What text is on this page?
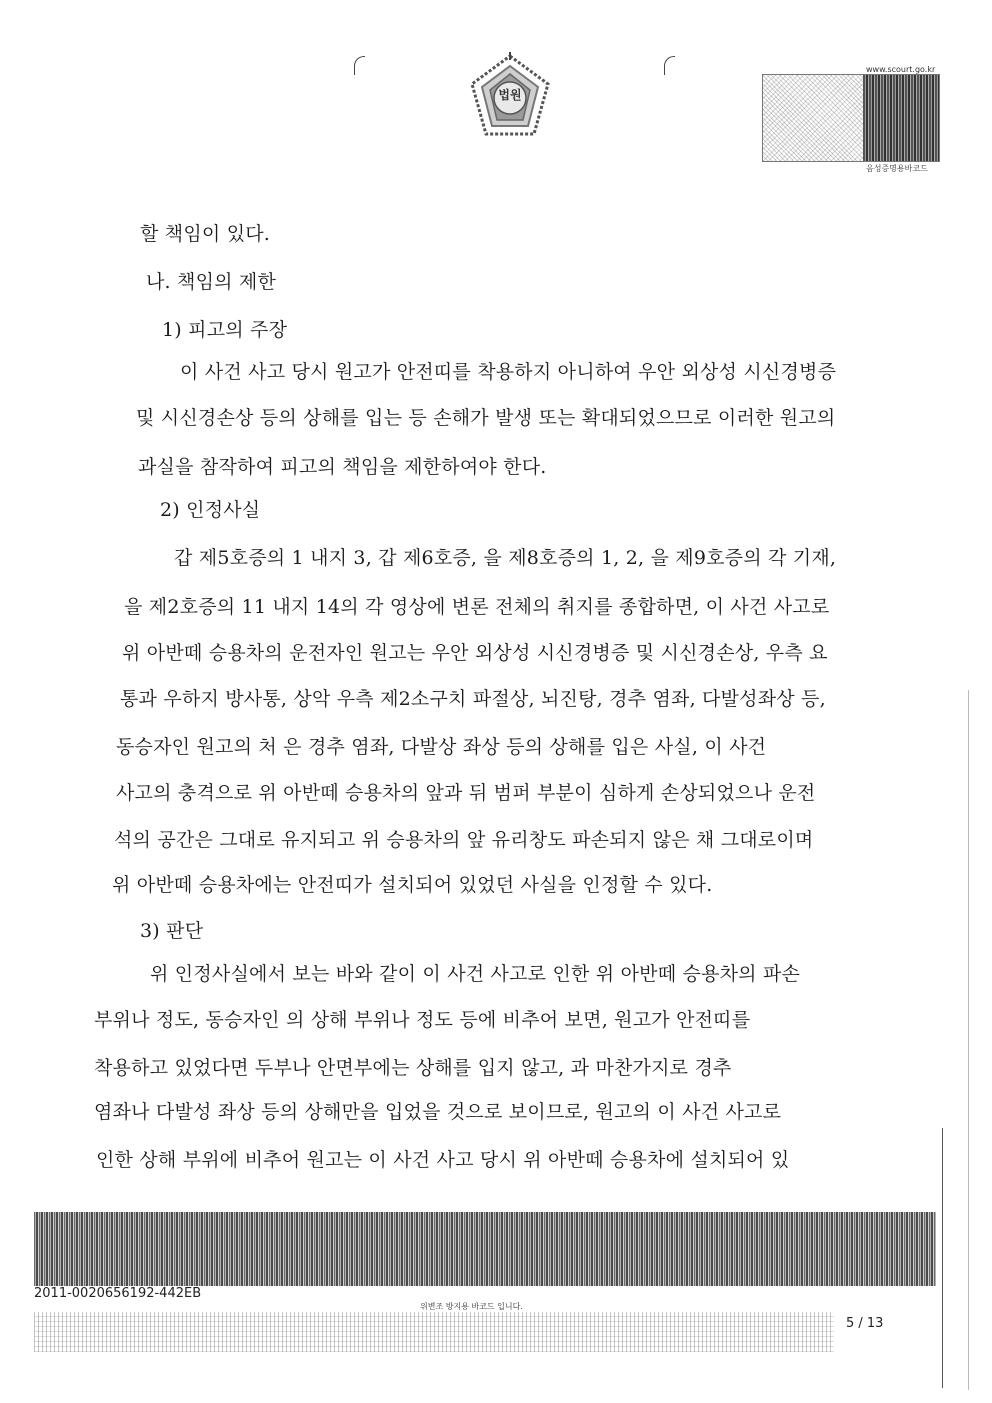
법원
www.scourt.go.kr
음성증명용바코드
할 책임이 있다.
나. 책임의 제한
1) 피고의 주장
이 사건 사고 당시 원고가 안전띠를 착용하지 아니하여 우안 외상성 시신경병증
및 시신경손상 등의 상해를 입는 등 손해가 발생 또는 확대되었으므로 이러한 원고의
과실을 참작하여 피고의 책임을 제한하여야 한다.
2) 인정사실
갑 제5호증의 1 내지 3, 갑 제6호증, 을 제8호증의 1, 2, 을 제9호증의 각 기재,
을 제2호증의 11 내지 14의 각 영상에 변론 전체의 취지를 종합하면, 이 사건 사고로
위 아반떼 승용차의 운전자인 원고는 우안 외상성 시신경병증 및 시신경손상, 우측 요
통과 우하지 방사통, 상악 우측 제2소구치 파절상, 뇌진탕, 경추 염좌, 다발성좌상 등,
동승자인 원고의 처 은 경추 염좌, 다발상 좌상 등의 상해를 입은 사실, 이 사건
사고의 충격으로 위 아반떼 승용차의 앞과 뒤 범퍼 부분이 심하게 손상되었으나 운전
석의 공간은 그대로 유지되고 위 승용차의 앞 유리창도 파손되지 않은 채 그대로이며
위 아반떼 승용차에는 안전띠가 설치되어 있었던 사실을 인정할 수 있다.
3) 판단
위 인정사실에서 보는 바와 같이 이 사건 사고로 인한 위 아반떼 승용차의 파손
부위나 정도, 동승자인 의 상해 부위나 정도 등에 비추어 보면, 원고가 안전띠를
착용하고 있었다면 두부나 안면부에는 상해를 입지 않고, 과 마찬가지로 경추
염좌나 다발성 좌상 등의 상해만을 입었을 것으로 보이므로, 원고의 이 사건 사고로
인한 상해 부위에 비추어 원고는 이 사건 사고 당시 위 아반떼 승용차에 설치되어 있
2011-0020656192-442EB
위변조 방지용 바코드 입니다.
5 / 13
